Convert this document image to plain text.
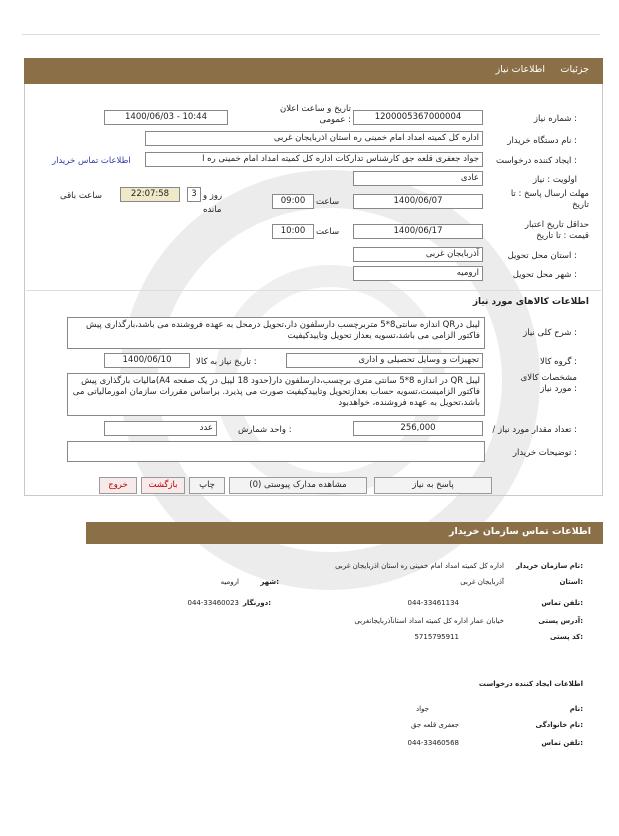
جزئیات
اطلاعات نیاز
شماره نیاز :
1200005367000004
تاریخ و ساعت اعلان عمومی :
1400/06/03 - 10:44
نام دستگاه خریدار :
اداره کل کمیته امداد امام خمینی ره استان اذربایجان غربی
ایجاد کننده درخواست :
جواد جعفری قلعه جق کارشناس تدارکات اداره کل کمیته امداد امام خمینی ره ا
اطلاعات تماس خریدار
اولویت : نیاز
عادی
مهلت ارسال پاسخ : تا تاریخ
1400/06/07
ساعت
09:00
3 روز و
22:07:58
ساعت باقی
مانده
حداقل تاریخ اعتبار قیمت : تا تاریخ
1400/06/17
ساعت
10:00
استان محل تحویل :
آذربایجان غربی
شهر محل تحویل :
ارومیه
اطلاعات کالاهای مورد نیاز
شرح کلی نیاز :
لیبل درQR اندازه سانتی8*5 متربرچسب دارسلفون دار،تحویل درمحل به عهده فروشنده می باشد،بارگذاری پیش فاکتور الزامی می باشد،تسویه بعداز تحویل وتاییدکیفیت
گروه کالا :
تجهیزات و وسایل تحصیلی و اداری
تاریخ نیاز به کالا :
1400/06/10
مشخصات کالای مورد نیاز :
لیبل QR در اندازه 8*5 سانتی متری برچسب،دارسلفون دار(حدود 18 لیبل در یک صفحه A4)مالیات بارگذاری پیش فاکتور الزامیست،تسویه حساب بعدازتحویل وتاییدکیفیت صورت می پذیرد. براساس مقررات سازمان امورمالیاتی می باشد،تحویل به عهده فروشنده، خواهدبود
/ تعداد مقدار مورد نیاز :
256,000
واحد شمارش :
عدد
توضیحات خریدار :
پاسخ به نیاز
مشاهده مدارک پیوستی (0)
چاپ
بازگشت
خروج
اطلاعات تماس سازمان خریدار
نام سازمان خریدار:
اداره کل کمیته امداد امام خمینی ره استان اذربایجان غربی
استان:
آذربایجان غربی
شهر:
ارومیه
تلفن تماس:
044-33461134
دورنگار:
044-33460023
آدرس پستی:
خیابان عمار اداره کل کمیته امداد استانآذربایجانغربی
کد پستی:
5715795911
اطلاعات ایجاد کننده درخواست
نام:
جواد
نام خانوادگی:
جعفری قلعه جق
تلفن تماس:
044-33460568
